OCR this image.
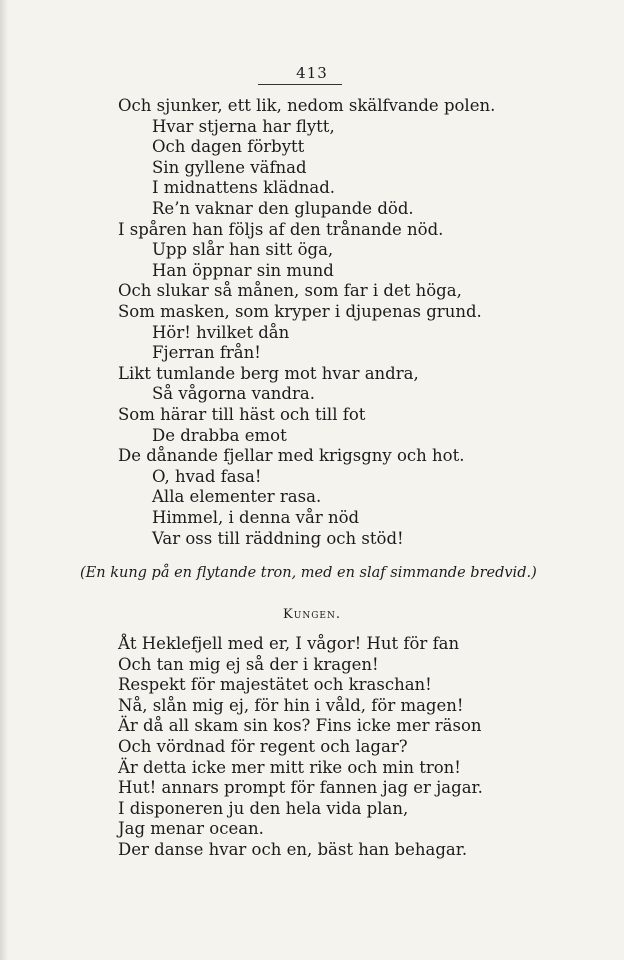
413
Och sjunker, ett lik, nedom skälfvande polen.
Hvar stjerna har flytt,
Och dagen förbytt
Sin gyllene väfnad
I midnattens klädnad.
Re’n vaknar den glupande död.
I spåren han följs af den trånande nöd.
Upp slår han sitt öga,
Han öppnar sin mund
Och slukar så månen, som far i det höga,
Som masken, som kryper i djupenas grund.
Hör! hvilket dån
Fjerran från!
Likt tumlande berg mot hvar andra,
Så vågorna vandra.
Som härar till häst och till fot
De drabba emot
De dånande fjellar med krigsgny och hot.
O, hvad fasa!
Alla elementer rasa.
Himmel, i denna vår nöd
Var oss till räddning och stöd!
(En kung på en flytande tron, med en slaf simmande bredvid.)
Kungen.
Åt Heklefjell med er, I vågor! Hut för fan
Och tan mig ej så der i kragen!
Respekt för majestätet och kraschan!
Nå, slån mig ej, för hin i våld, för magen!
Är då all skam sin kos? Fins icke mer räson
Och vördnad för regent och lagar?
Är detta icke mer mitt rike och min tron!
Hut! annars prompt för fannen jag er jagar.
I disponeren ju den hela vida plan,
Jag menar ocean.
Der danse hvar och en, bäst han behagar.
